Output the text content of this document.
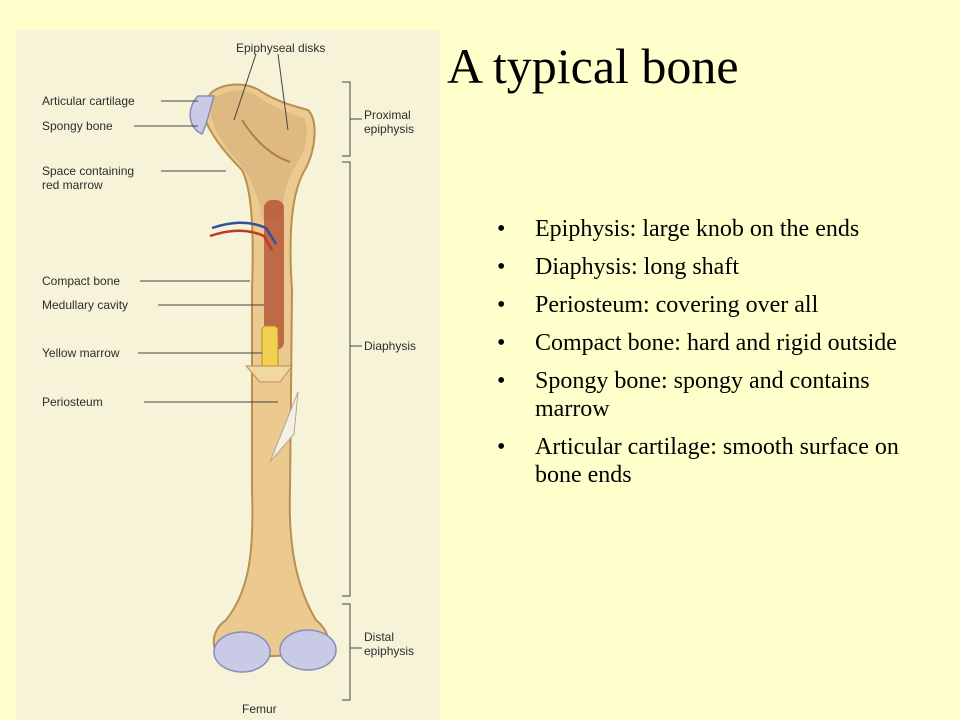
Epiphyseal disks
Articular cartilage
Spongy bone
Space containing
red marrow
Compact bone
Medullary cavity
Yellow marrow
Periosteum
Proximal
epiphysis
Diaphysis
Distal
epiphysis
Femur
A typical bone
• Epiphysis: large knob on the ends
• Diaphysis: long shaft
• Periosteum: covering over all
• Compact bone: hard and rigid outside
• Spongy bone: spongy and contains marrow
• Articular cartilage: smooth surface on bone ends
